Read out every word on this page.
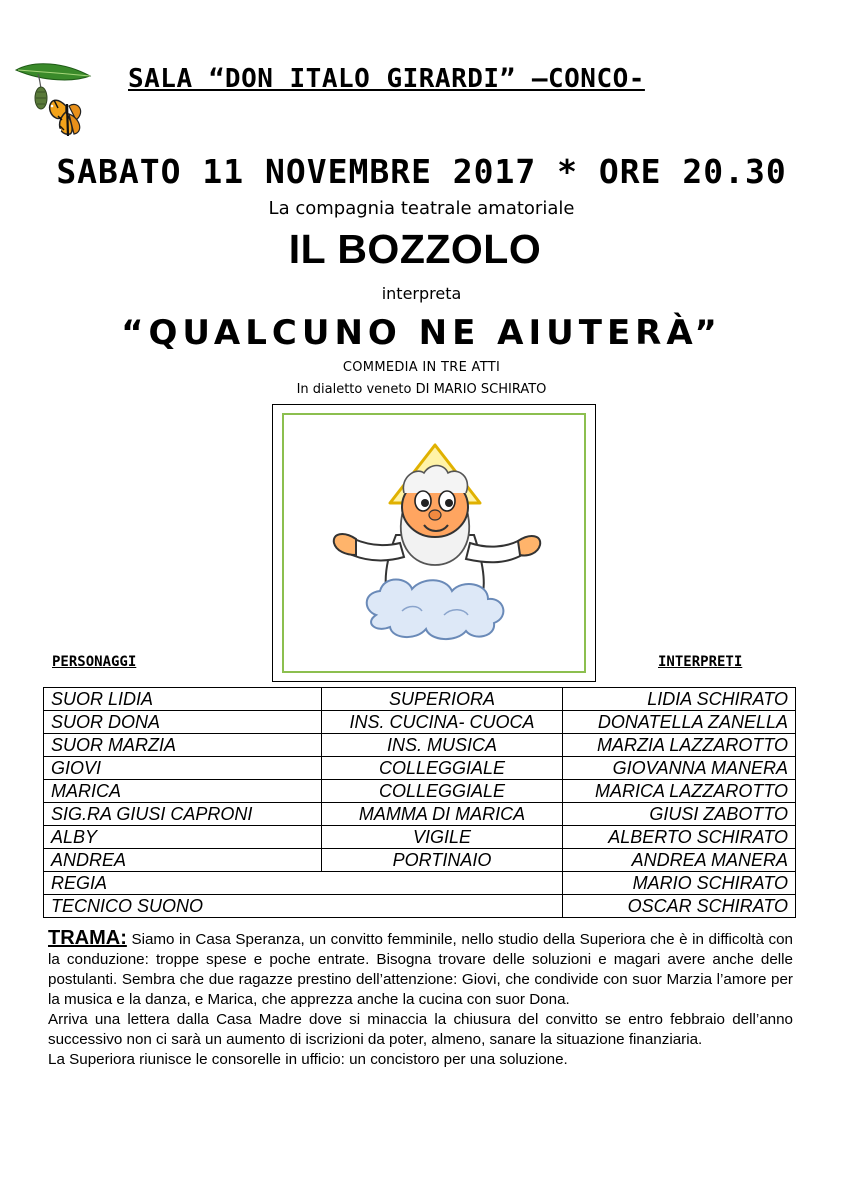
SALA “DON ITALO GIRARDI” –CONCO-
SABATO 11 NOVEMBRE 2017 * ORE 20.30
La compagnia teatrale amatoriale
IL BOZZOLO
interpreta
“QUALCUNO NE AIUTERÀ”
COMMEDIA IN TRE ATTI
In dialetto veneto DI MARIO SCHIRATO
PERSONAGGI	INTERPRETI
SUOR LIDIA	SUPERIORA	LIDIA SCHIRATO
SUOR DONA	INS. CUCINA- CUOCA	DONATELLA ZANELLA
SUOR MARZIA	INS. MUSICA	MARZIA LAZZAROTTO
GIOVI	COLLEGGIALE	GIOVANNA MANERA
MARICA	COLLEGGIALE	MARICA LAZZAROTTO
SIG.RA GIUSI CAPRONI	MAMMA DI MARICA	GIUSI ZABOTTO
ALBY	VIGILE	ALBERTO SCHIRATO
ANDREA	PORTINAIO	ANDREA MANERA
REGIA		MARIO SCHIRATO
TECNICO SUONO		OSCAR SCHIRATO

TRAMA: Siamo in Casa Speranza, un convitto femminile, nello studio della Superiora che è in difficoltà con la conduzione: troppe spese e poche entrate. Bisogna trovare delle soluzioni e magari avere anche delle postulanti. Sembra che due ragazze prestino dell’attenzione: Giovi, che condivide con suor Marzia l’amore per la musica e la danza, e Marica, che apprezza anche la cucina con suor Dona.

Arriva una lettera dalla Casa Madre dove si minaccia la chiusura del convitto se entro febbraio dell’anno successivo non ci sarà un aumento di iscrizioni da poter, almeno, sanare la situazione finanziaria.

La Superiora riunisce le consorelle in ufficio: un concistoro per una soluzione.
